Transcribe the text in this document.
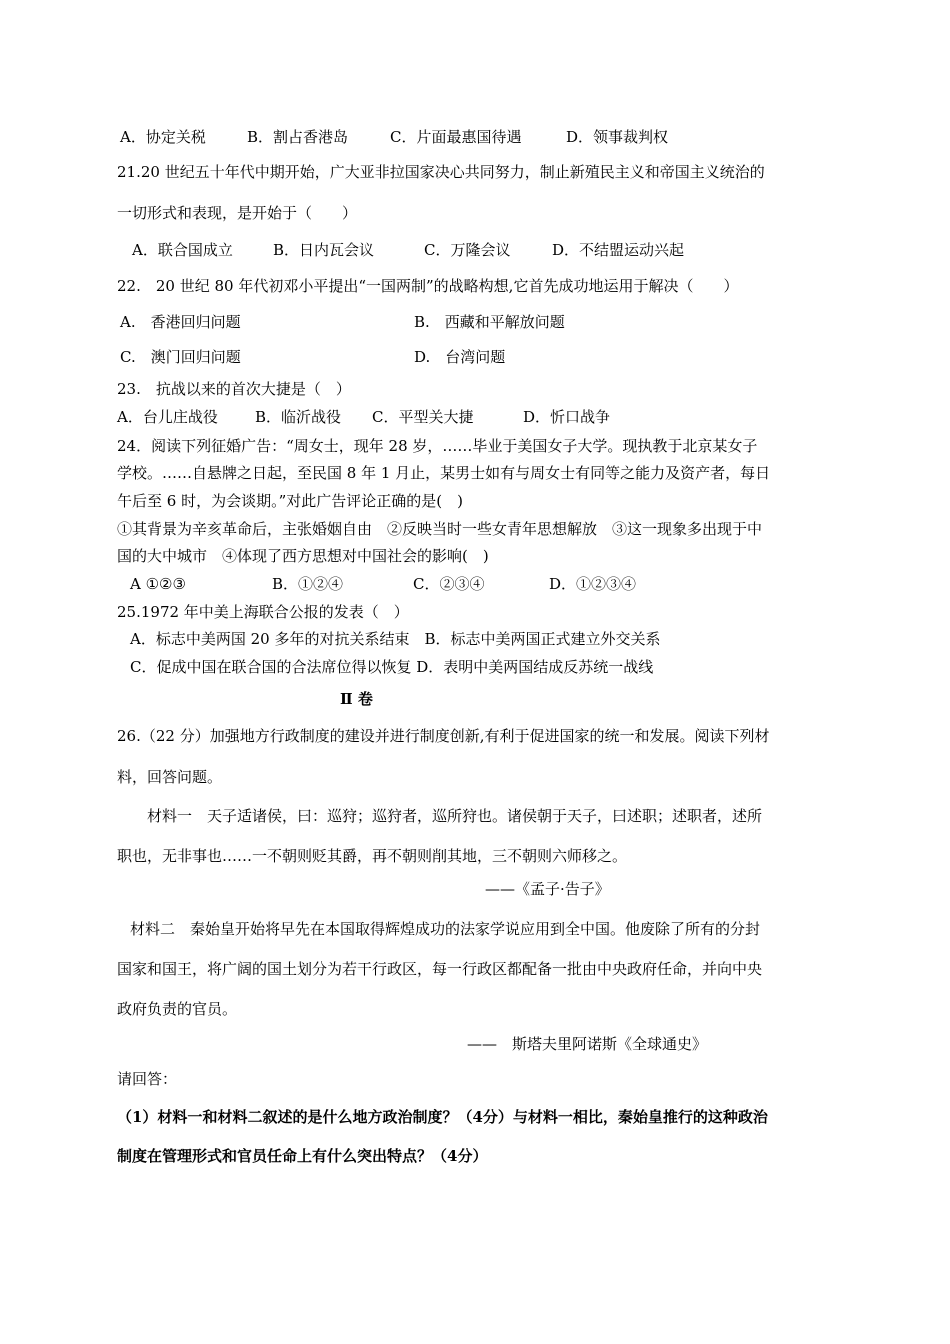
A．协定关税	B．割占香港岛	C．片面最惠国待遇	D．领事裁判权
21.20 世纪五十年代中期开始，广大亚非拉国家决心共同努力，制止新殖民主义和帝国主义统治的
一切形式和表现，是开始于（　　）
A．联合国成立	B．日内瓦会议	C．万隆会议	D．不结盟运动兴起
22.　20 世纪 80 年代初邓小平提出“一国两制”的战略构想,它首先成功地运用于解决（　　）
A.　香港回归问题	B.　西藏和平解放问题
C.　澳门回归问题	D.　台湾问题
23.　抗战以来的首次大捷是（　）
A．台儿庄战役 B．临沂战役 C．平型关大捷	D．忻口战争
24．阅读下列征婚广告：“周女士，现年 28 岁，……毕业于美国女子大学。现执教于北京某女子
学校。……自悬牌之日起，至民国 8 年 1 月止，某男士如有与周女士有同等之能力及资产者，每日
午后至 6 时，为会谈期。”对此广告评论正确的是(　)
①其背景为辛亥革命后，主张婚姻自由　②反映当时一些女青年思想解放　③这一现象多出现于中
国的大中城市　④体现了西方思想对中国社会的影响(　)
A ①②③	B．①②④	C．②③④	D．①②③④
25.1972 年中美上海联合公报的发表（　）
A．标志中美两国 20 多年的对抗关系结束　B．标志中美两国正式建立外交关系
C．促成中国在联合国的合法席位得以恢复 D．表明中美两国结成反苏统一战线
Ⅱ 卷
26.（22 分）加强地方行政制度的建设并进行制度创新,有利于促进国家的统一和发展。阅读下列材
料，回答问题。
材料一　天子适诸侯，曰：巡狩；巡狩者，巡所狩也。诸侯朝于天子，曰述职；述职者，述所
职也，无非事也……一不朝则贬其爵，再不朝则削其地，三不朝则六师移之。
——《孟子·告子》
材料二　秦始皇开始将早先在本国取得辉煌成功的法家学说应用到全中国。他废除了所有的分封
国家和国王，将广阔的国土划分为若干行政区，每一行政区都配备一批由中央政府任命，并向中央
政府负责的官员。
——　斯塔夫里阿诺斯《全球通史》
请回答：
（1）材料一和材料二叙述的是什么地方政治制度？（4分）与材料一相比，秦始皇推行的这种政治
制度在管理形式和官员任命上有什么突出特点？（4分）
